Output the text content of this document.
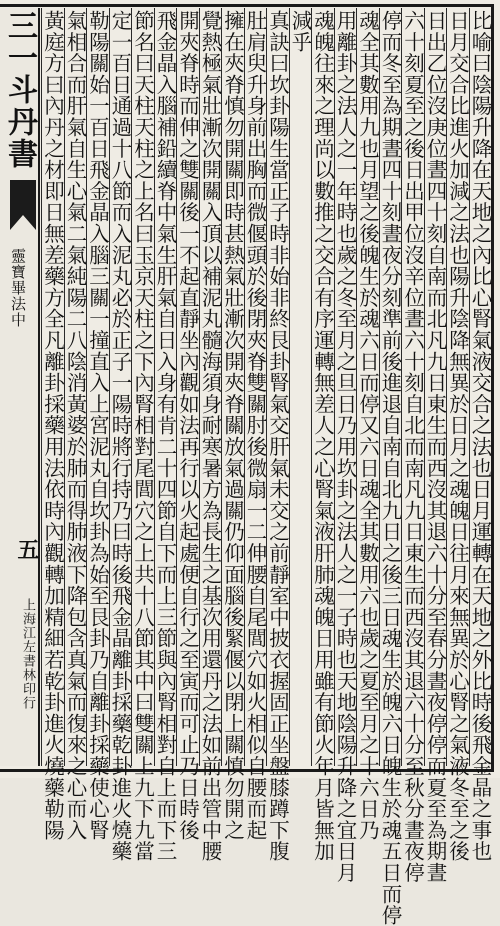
三一斗丹書
靈寶畢法中
五
上海江左書林印行	比喻曰陰陽升降在天地之內比心腎氣液交合之法也日月運轉在天地之外比時後飛金晶之事也
日月交合比進火加減之法也陽升陰降無異於日月之魂魄日往月來無異於心腎之氣液冬至之後
日出乙位沒庚位晝四十刻自南而北凡九日東生而西沒其退六十分至春分晝夜停停而夏至為期晝
六十刻夏至之後日出甲位沒辛位晝六十刻自北而南凡九日東生而西沒其退六十分至秋分晝夜停
停而冬至為期晝四十刻晝夜分刻準前後進退自南自北九日之後三日魂生於魄六日魄生於魂五日而停
魂全其數用九也月望之後魄生於魂六日而停又六日魂全其數用六也歲之夏至月之十六日乃
用離卦之法人之一年時也歲之冬至月之旦日乃用坎卦之法人之一子時也天地陰陽升降之宜日月
魂魄往來之理尚以數推之交合有序運轉無差人之心腎氣液肝肺魂魄日用雖有節火年月皆無加
減乎
真訣曰坎卦陽生當正子時非始非終艮卦腎氣交肝氣未交之前靜室中披衣握固正坐盤膝蹲下腹
肚肩臾升身前出胸而微偃頭於後閉夾脊雙關肘後微扇一二伸腰自尾閭穴如火相似自腰而起
擁在夾脊慎勿開關即時甚熱氣壯漸次開夾脊關放氣過關仍仰面腦後緊偃以閉上關慎勿開之
覺熱極氣壯漸次開關入頂以補泥丸髓海須身耐寒暑方為長生之基次用還丹之法如前出管中腰
開夾脊時而伸之雙關後一不起直靜坐內觀如法再行以火起處便自行之至寅而可止乃日時後
飛金晶入腦補鉛續脊中氣生肝氣自日入身有肯二十四節自下而上三節與內腎相對自上而下三
節名曰天柱天柱之上名曰玉京天柱之下內腎相對尾閭穴之上共十八節其中曰雙關上九下九當
定一百日通過十八節而入泥丸必於正子一陽時將行持乃曰時後飛金晶離卦採藥乾卦進火燒藥
勒陽關始一百日飛金晶入腦三關一撞直入上宮泥丸自坎卦為始至艮卦乃自離卦採藥使心腎
氣相合而肝氣自生心氣二氣純陽二八陰消黃婆於肺而得肺液下降包含真氣而復來之心而入
黃庭方曰內丹之材即日無差藥方全凡離卦採藥用法依時內觀轉加精細若乾卦進火燒藥勒陽
